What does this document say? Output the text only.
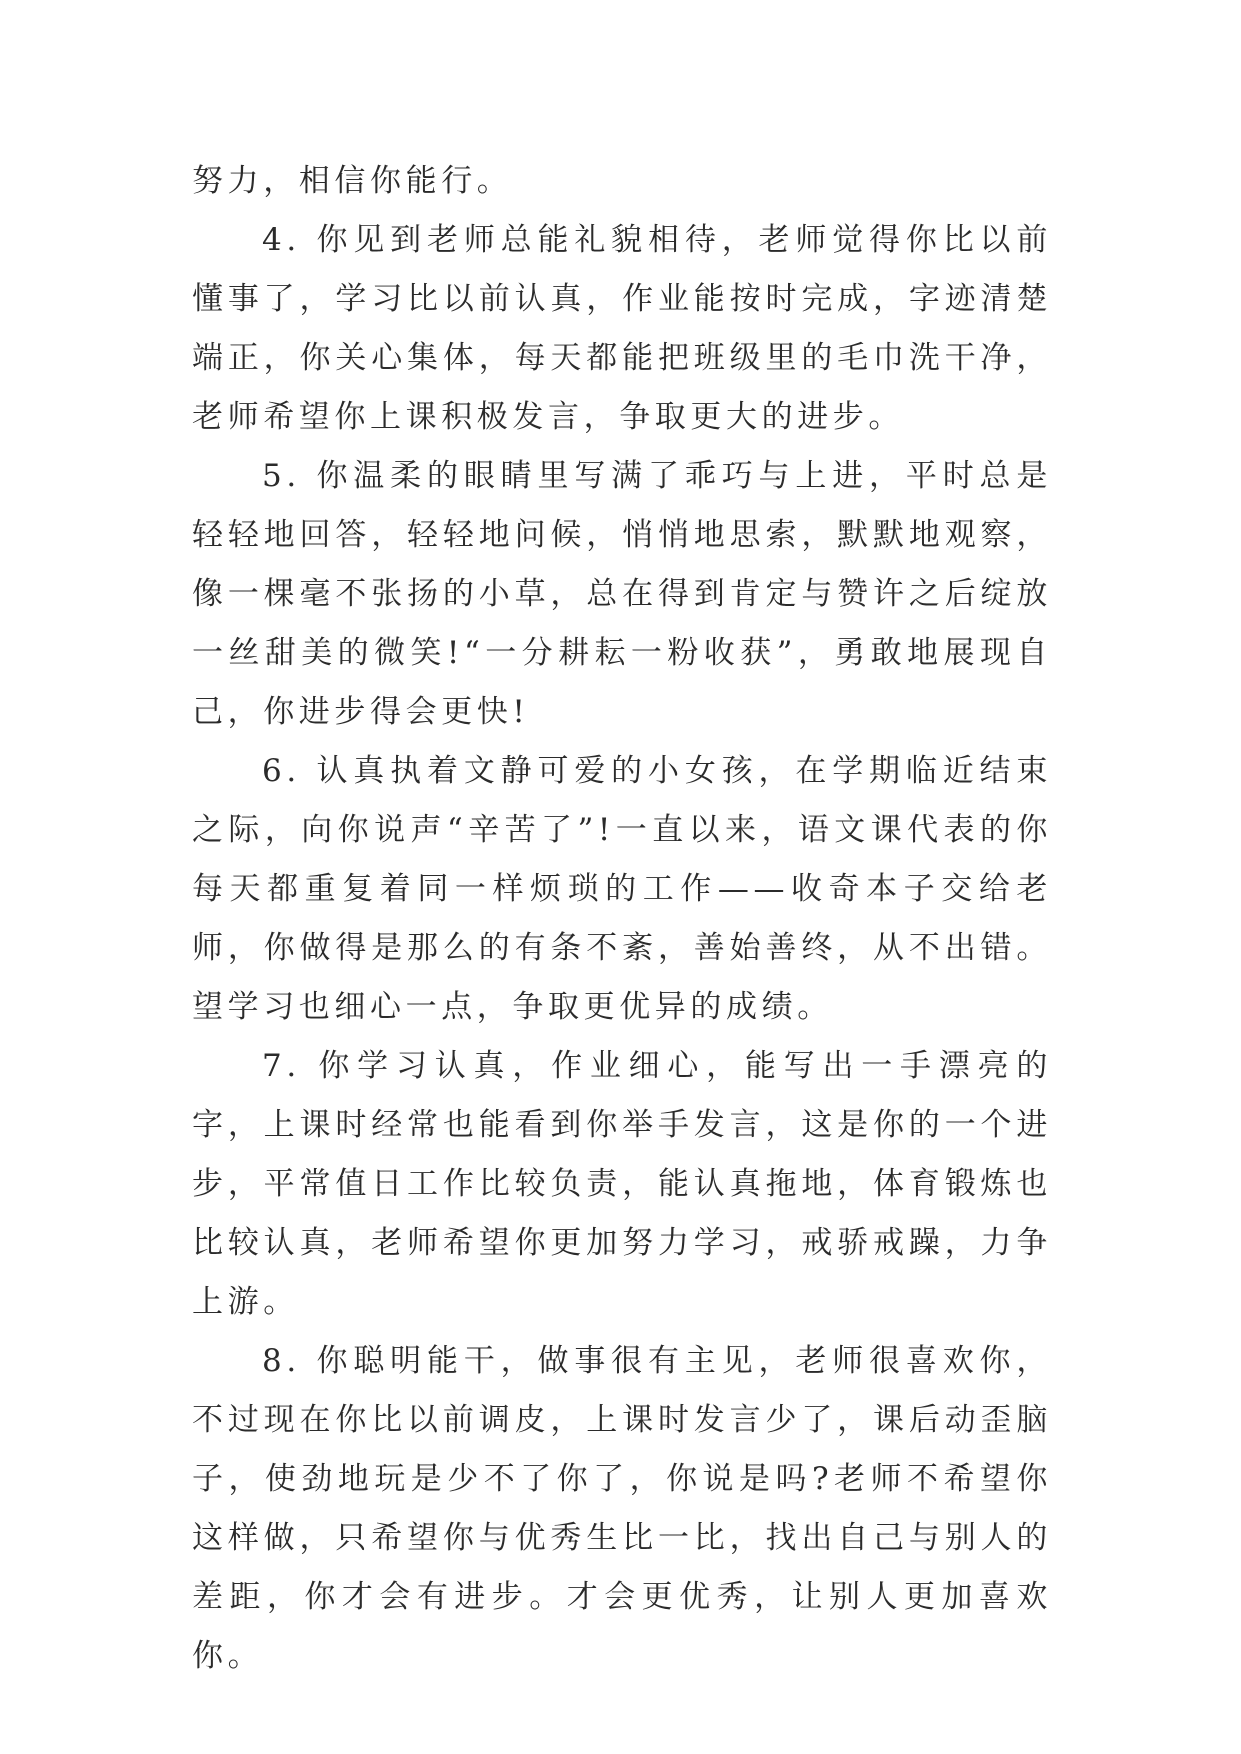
努力，相信你能行。

4. 你见到老师总能礼貌相待，老师觉得你比以前懂事了，学习比以前认真，作业能按时完成，字迹清楚端正，你关心集体，每天都能把班级里的毛巾洗干净，老师希望你上课积极发言，争取更大的进步。

5. 你温柔的眼睛里写满了乖巧与上进，平时总是轻轻地回答，轻轻地问候，悄悄地思索，默默地观察，像一棵毫不张扬的小草，总在得到肯定与赞许之后绽放一丝甜美的微笑!“一分耕耘一粉收获”，勇敢地展现自己，你进步得会更快!

6. 认真执着文静可爱的小女孩，在学期临近结束之际，向你说声“辛苦了”!一直以来，语文课代表的你每天都重复着同一样烦琐的工作——收奇本子交给老师，你做得是那么的有条不紊，善始善终，从不出错。望学习也细心一点，争取更优异的成绩。

7. 你学习认真，作业细心，能写出一手漂亮的字，上课时经常也能看到你举手发言，这是你的一个进步，平常值日工作比较负责，能认真拖地，体育锻炼也比较认真，老师希望你更加努力学习，戒骄戒躁，力争上游。

8. 你聪明能干，做事很有主见，老师很喜欢你，不过现在你比以前调皮，上课时发言少了，课后动歪脑子，使劲地玩是少不了你了，你说是吗?老师不希望你这样做，只希望你与优秀生比一比，找出自己与别人的差距，你才会有进步。才会更优秀，让别人更加喜欢你。
